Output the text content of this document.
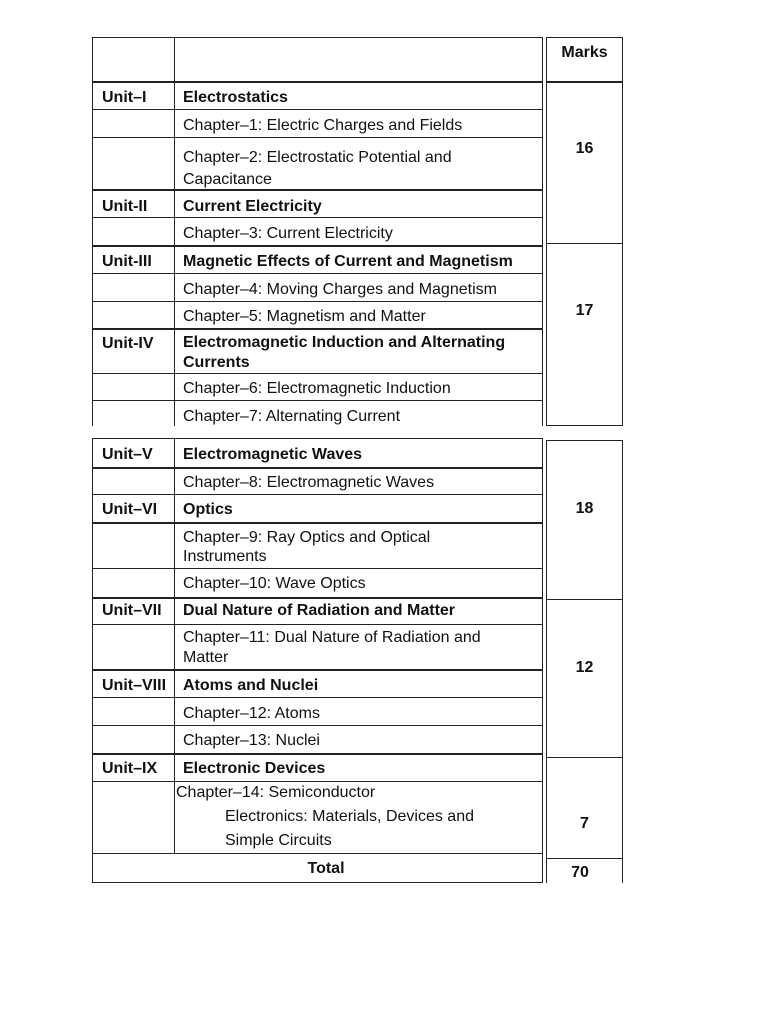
Marks
Unit–I Electrostatics
Chapter–1: Electric Charges and Fields
Chapter–2: Electrostatic Potential and
Capacitance
Unit-II Current Electricity
Chapter–3: Current Electricity
Unit-III Magnetic Effects of Current and Magnetism
Chapter–4: Moving Charges and Magnetism
Chapter–5: Magnetism and Matter
Unit-IV Electromagnetic Induction and Alternating
Currents
Chapter–6: Electromagnetic Induction
Chapter–7: Alternating Current
16
17
Unit–V Electromagnetic Waves
Chapter–8: Electromagnetic Waves
Unit–VI Optics
Chapter–9: Ray Optics and Optical
Instruments
Chapter–10: Wave Optics
Unit–VII Dual Nature of Radiation and Matter
Chapter–11: Dual Nature of Radiation and
Matter
Unit–VIII Atoms and Nuclei
Chapter–12: Atoms
Chapter–13: Nuclei
Unit–IX Electronic Devices
Chapter–14: Semiconductor
Electronics: Materials, Devices and
Simple Circuits
18
12
7
Total	70
